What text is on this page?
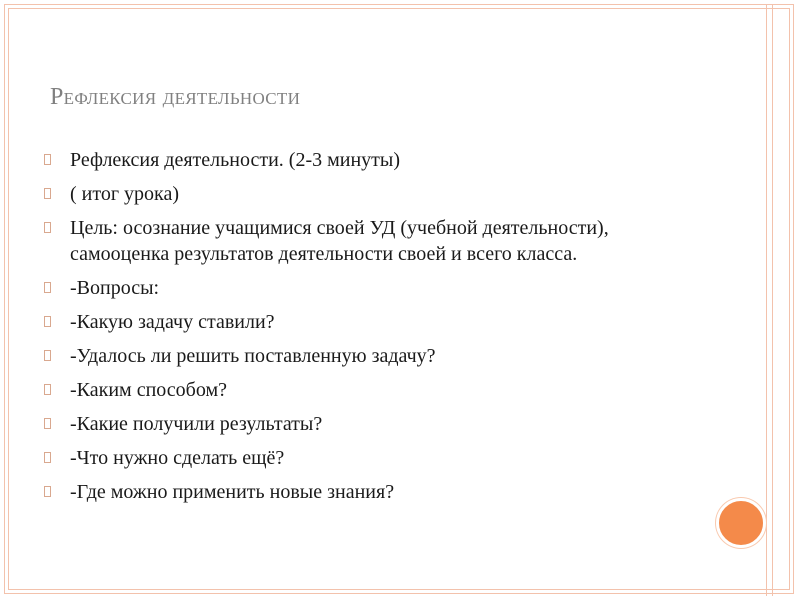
Рефлексия деятельности
Рефлексия деятельности. (2-3 минуты)
( итог урока)
Цель: осознание учащимися своей УД (учебной деятельности), самооценка результатов деятельности своей и всего класса.
-Вопросы:
-Какую задачу ставили?
-Удалось ли решить поставленную задачу?
-Каким способом?
-Какие получили результаты?
-Что нужно сделать ещё?
-Где можно применить новые знания?
